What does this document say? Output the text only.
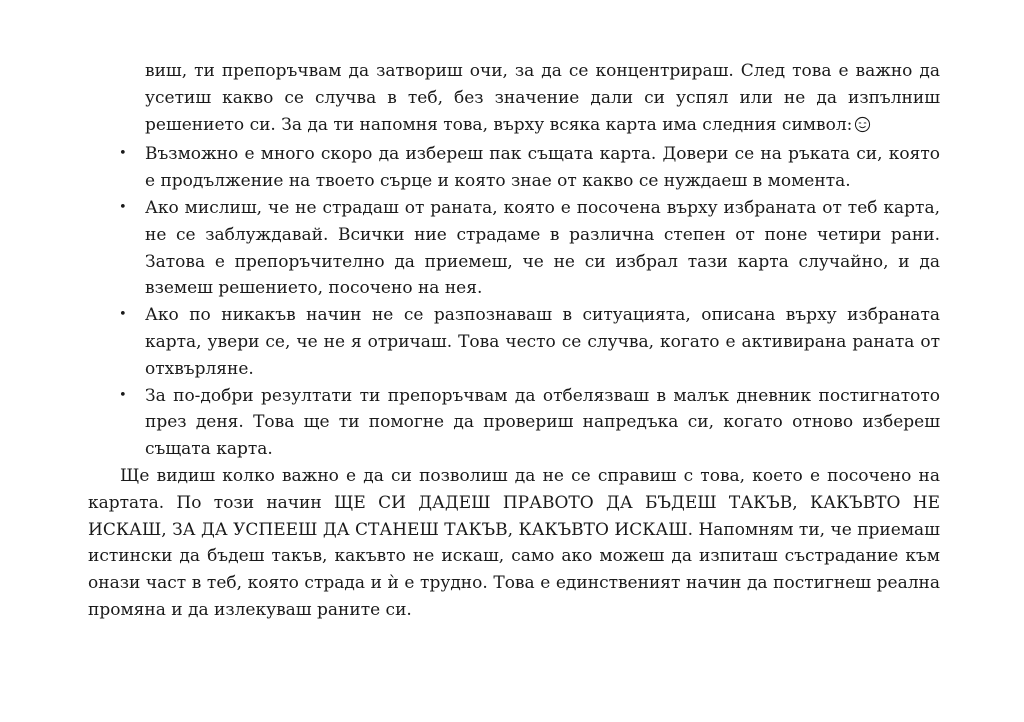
виш, ти препоръчвам да затвориш очи, за да се концентрираш. След това е важно да усетиш какво се случва в теб, без значение дали си успял или не да изпълниш решението си. За да ти напомня това, върху всяка карта има следния символ:

• Възможно е много скоро да избереш пак същата карта. Довери се на ръката си, която е продължение на твоето сърце и която знае от какво се нуждаеш в момента.
• Ако мислиш, че не страдаш от раната, която е посочена върху избраната от теб карта, не се заблуждавай. Всички ние страдаме в различна степен от поне четири рани. Затова е препоръчително да приемеш, че не си избрал тази карта случайно, и да вземеш решението, посочено на нея.
• Ако по никакъв начин не се разпознаваш в ситуацията, описана върху избраната карта, увери се, че не я отричаш. Това често се случва, когато е активирана раната от отхвърляне.
• За по-добри резултати ти препоръчвам да отбелязваш в малък дневник постигнатото през деня. Това ще ти помогне да провериш напредъка си, когато отново избереш същата карта.

Ще видиш колко важно е да си позволиш да не се справиш с това, което е посочено на картата. По този начин ЩЕ СИ ДАДЕШ ПРАВОТО ДА БЪДЕШ ТАКЪВ, КАКЪВТО НЕ ИСКАШ, ЗА ДА УСПЕЕШ ДА СТАНЕШ ТАКЪВ, КАКЪВТО ИСКАШ. Напомням ти, че приемаш истински да бъдеш такъв, какъвто не искаш, само ако можеш да изпиташ състрадание към онази част в теб, която страда и ѝ е трудно. Това е единственият начин да постигнеш реална промяна и да излекуваш раните си.
